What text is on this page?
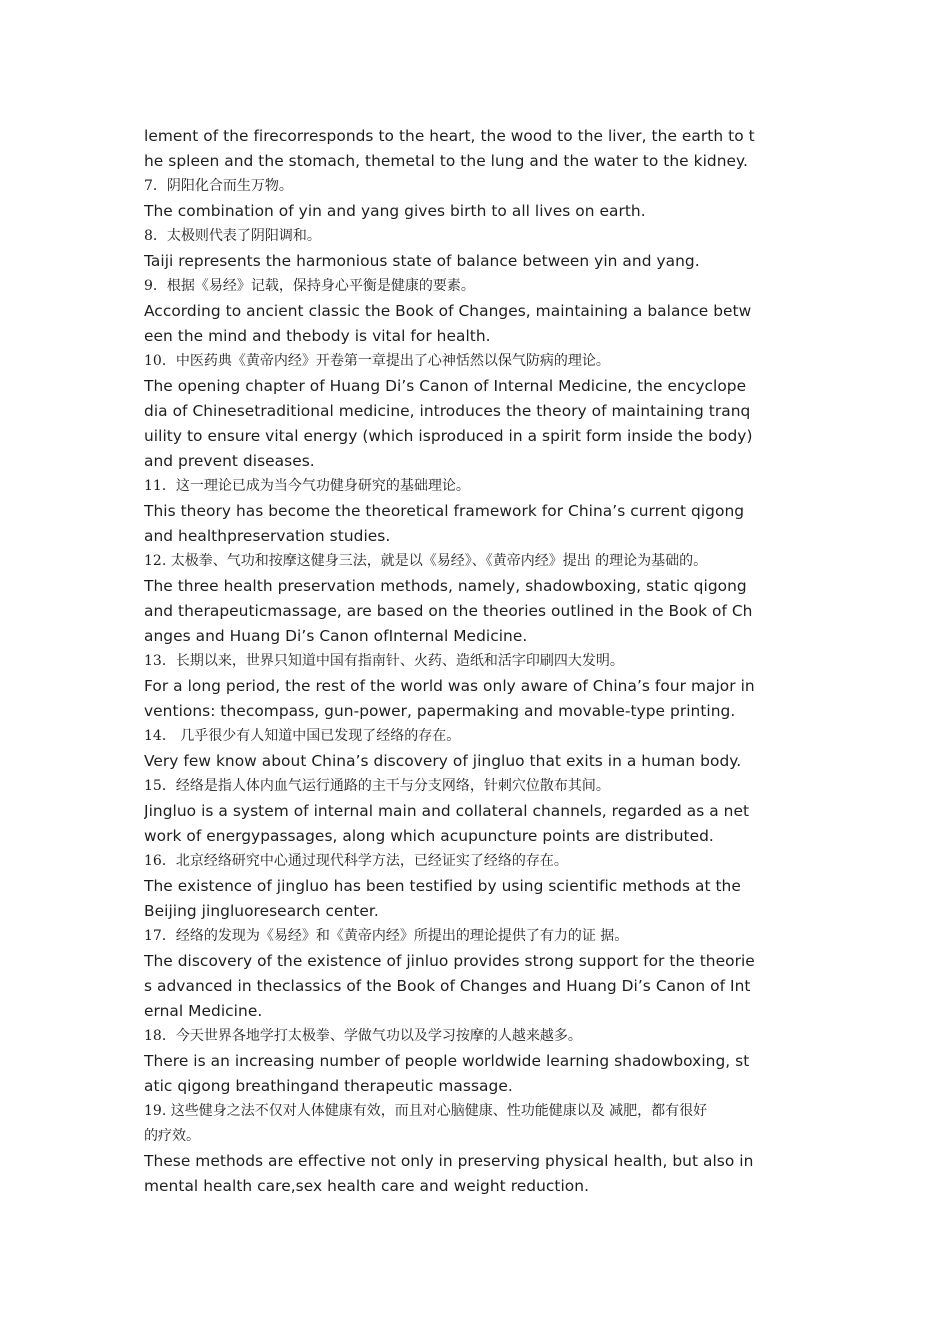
lement of the firecorresponds to the heart, the wood to the liver, the earth to t
he spleen and the stomach, themetal to the lung and the water to the kidney.
7．阴阳化合而生万物。
The combination of yin and yang gives birth to all lives on earth.
8．太极则代表了阴阳调和。
Taiji represents the harmonious state of balance between yin and yang.
9．根据《易经》记载，保持身心平衡是健康的要素。
According to ancient classic the Book of Changes, maintaining a balance betw
een the mind and thebody is vital for health.
10．中医药典《黄帝内经》开卷第一章提出了心神恬然以保气防病的理论。
The opening chapter of Huang Di’s Canon of Internal Medicine, the encyclope
dia of Chinesetraditional medicine, introduces the theory of maintaining tranq
uility to ensure vital energy (which isproduced in a spirit form inside the body)
and prevent diseases.
11．这一理论已成为当今气功健身研究的基础理论。
This theory has become the theoretical framework for China’s current qigong
and healthpreservation studies.
12. 太极拳、气功和按摩这健身三法，就是以《易经》、《黄帝内经》提出 的理论为基础的。
The three health preservation methods, namely, shadowboxing, static qigong
and therapeuticmassage, are based on the theories outlined in the Book of Ch
anges and Huang Di’s Canon ofInternal Medicine.
13．长期以来，世界只知道中国有指南针、火药、造纸和活字印刷四大发明。
For a long period, the rest of the world was only aware of China’s four major in
ventions: thecompass, gun-power, papermaking and movable-type printing.
14． 几乎很少有人知道中国已发现了经络的存在。
Very few know about China’s discovery of jingluo that exits in a human body.
15．经络是指人体内血气运行通路的主干与分支网络，针刺穴位散布其间。
Jingluo is a system of internal main and collateral channels, regarded as a net
work of energypassages, along which acupuncture points are distributed.
16．北京经络研究中心通过现代科学方法，已经证实了经络的存在。
The existence of jingluo has been testified by using scientific methods at the
Beijing jingluoresearch center.
17．经络的发现为《易经》和《黄帝内经》所提出的理论提供了有力的证 据。
The discovery of the existence of jinluo provides strong support for the theorie
s advanced in theclassics of the Book of Changes and Huang Di’s Canon of Int
ernal Medicine.
18．今天世界各地学打太极拳、学做气功以及学习按摩的人越来越多。
There is an increasing number of people worldwide learning shadowboxing, st
atic qigong breathingand therapeutic massage.
19. 这些健身之法不仅对人体健康有效，而且对心脑健康、性功能健康以及 减肥，都有很好
的疗效。
These methods are effective not only in preserving physical health, but also in
mental health care,sex health care and weight reduction.
